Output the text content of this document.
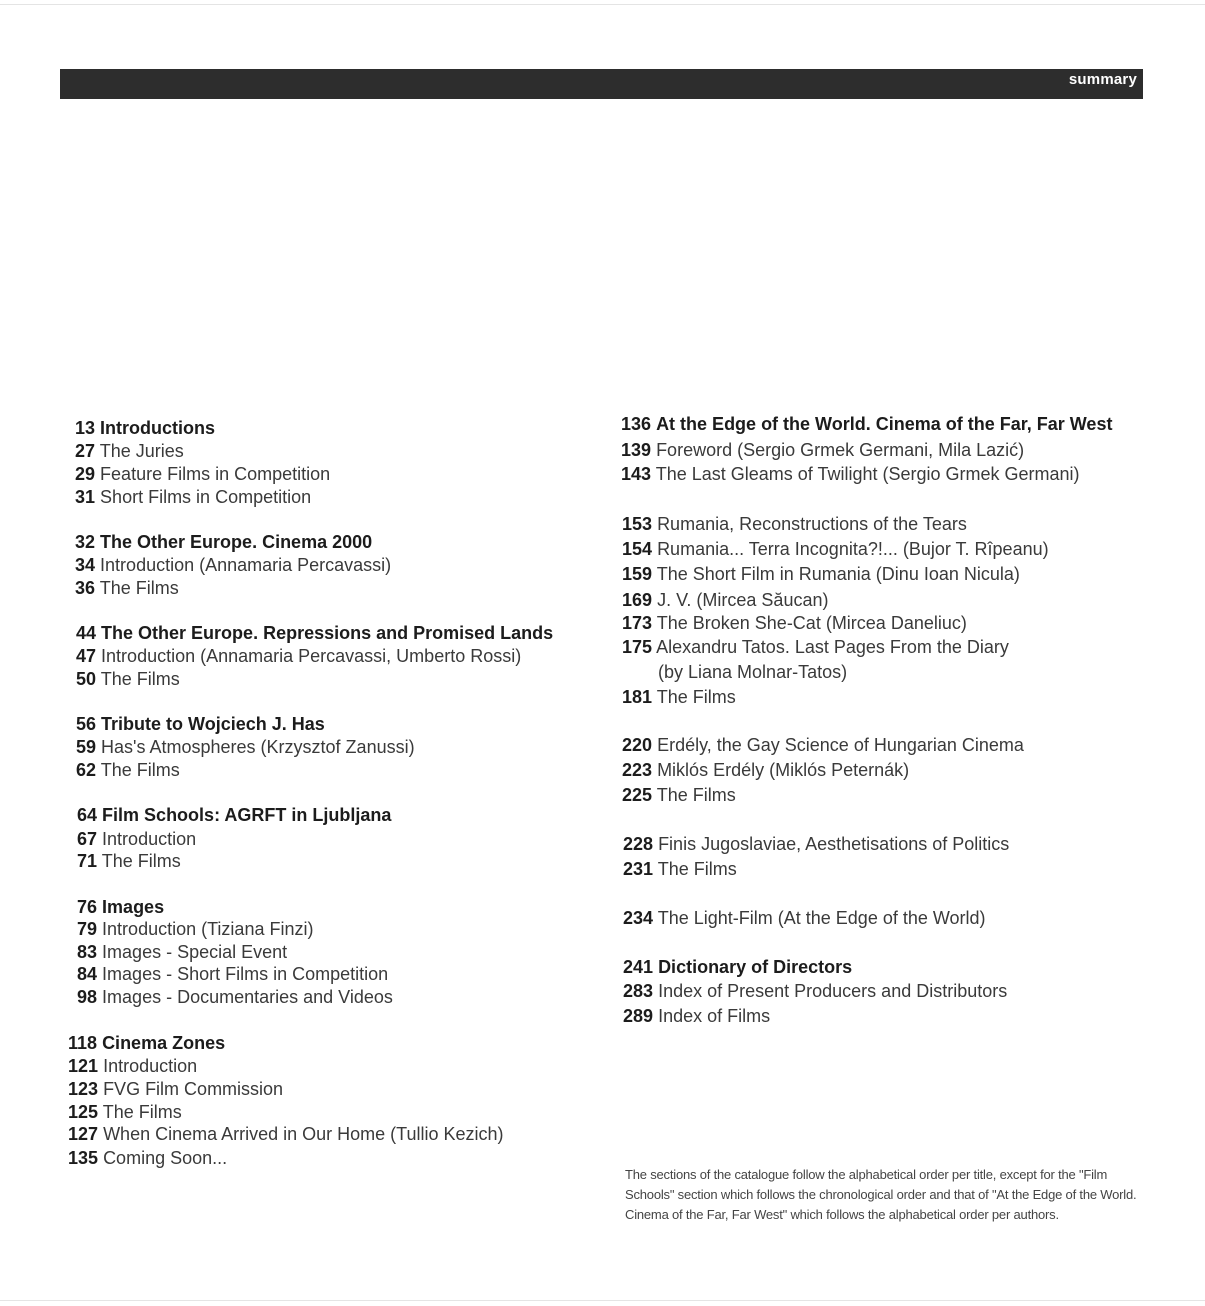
summary
13 Introductions
27 The Juries
29 Feature Films in Competition
31 Short Films in Competition
32 The Other Europe. Cinema 2000
34 Introduction (Annamaria Percavassi)
36 The Films
44 The Other Europe. Repressions and Promised Lands
47 Introduction (Annamaria Percavassi, Umberto Rossi)
50 The Films
56 Tribute to Wojciech J. Has
59 Has's Atmospheres (Krzysztof Zanussi)
62 The Films
64 Film Schools: AGRFT in Ljubljana
67 Introduction
71 The Films
76 Images
79 Introduction (Tiziana Finzi)
83 Images - Special Event
84 Images - Short Films in Competition
98 Images - Documentaries and Videos
118 Cinema Zones
121 Introduction
123 FVG Film Commission
125 The Films
127 When Cinema Arrived in Our Home (Tullio Kezich)
135 Coming Soon...
136 At the Edge of the World. Cinema of the Far, Far West
139 Foreword (Sergio Grmek Germani, Mila Lazić)
143 The Last Gleams of Twilight (Sergio Grmek Germani)
153 Rumania, Reconstructions of the Tears
154 Rumania... Terra Incognita?!... (Bujor T. Rîpeanu)
159 The Short Film in Rumania (Dinu Ioan Nicula)
169 J. V. (Mircea Săucan)
173 The Broken She-Cat (Mircea Daneliuc)
175 Alexandru Tatos. Last Pages From the Diary
(by Liana Molnar-Tatos)
181 The Films
220 Erdély, the Gay Science of Hungarian Cinema
223 Miklós Erdély (Miklós Peternák)
225 The Films
228 Finis Jugoslaviae, Aesthetisations of Politics
231 The Films
234 The Light-Film (At the Edge of the World)
241 Dictionary of Directors
283 Index of Present Producers and Distributors
289 Index of Films

The sections of the catalogue follow the alphabetical order per title, except for the "Film Schools" section which follows the chronological order and that of "At the Edge of the World. Cinema of the Far, Far West" which follows the alphabetical order per authors.
